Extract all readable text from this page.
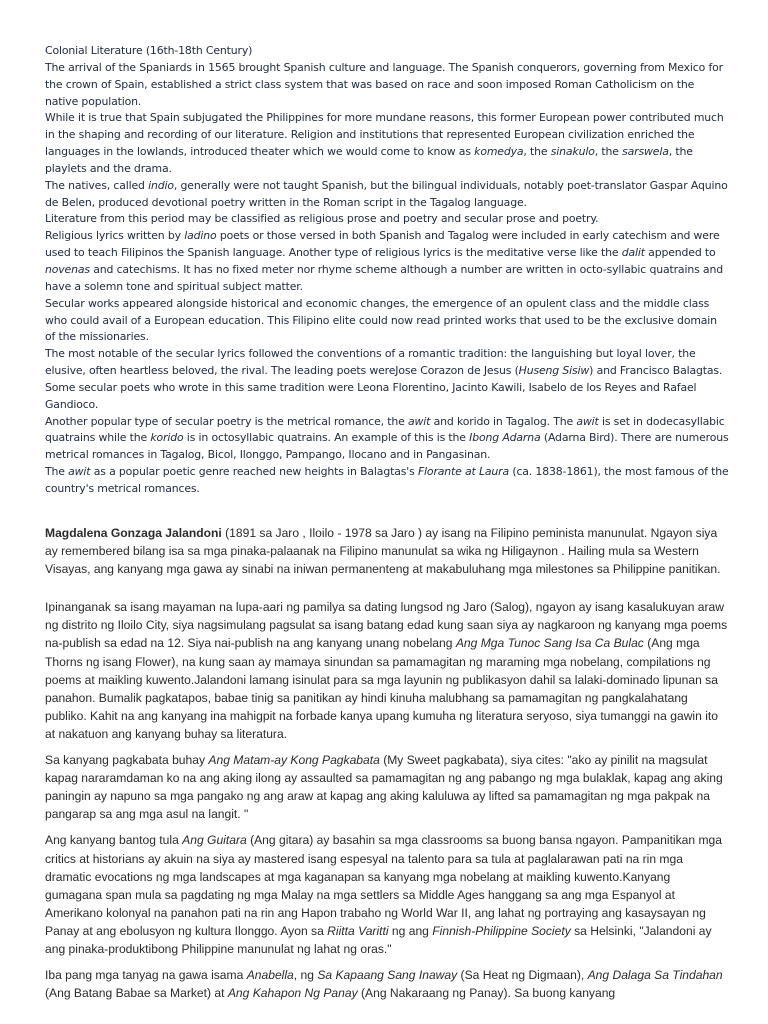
Colonial Literature (16th-18th Century)

The arrival of the Spaniards in 1565 brought Spanish culture and language. The Spanish conquerors, governing from Mexico for the crown of Spain, established a strict class system that was based on race and soon imposed Roman Catholicism on the native population.

While it is true that Spain subjugated the Philippines for more mundane reasons, this former European power contributed much in the shaping and recording of our literature. Religion and institutions that represented European civilization enriched the languages in the lowlands, introduced theater which we would come to know as komedya, the sinakulo, the sarswela, the playlets and the drama.

The natives, called indio, generally were not taught Spanish, but the bilingual individuals, notably poet-translator Gaspar Aquino de Belen, produced devotional poetry written in the Roman script in the Tagalog language.

Literature from this period may be classified as religious prose and poetry and secular prose and poetry.

Religious lyrics written by ladino poets or those versed in both Spanish and Tagalog were included in early catechism and were used to teach Filipinos the Spanish language. Another type of religious lyrics is the meditative verse like the dalit appended to novenas and catechisms. It has no fixed meter nor rhyme scheme although a number are written in octo-syllabic quatrains and have a solemn tone and spiritual subject matter.

Secular works appeared alongside historical and economic changes, the emergence of an opulent class and the middle class who could avail of a European education. This Filipino elite could now read printed works that used to be the exclusive domain of the missionaries.

The most notable of the secular lyrics followed the conventions of a romantic tradition: the languishing but loyal lover, the elusive, often heartless beloved, the rival. The leading poets wereJose Corazon de Jesus (Huseng Sisiw) and Francisco Balagtas. Some secular poets who wrote in this same tradition were Leona Florentino, Jacinto Kawili, Isabelo de los Reyes and Rafael Gandioco.

Another popular type of secular poetry is the metrical romance, the awit and korido in Tagalog. The awit is set in dodecasyllabic quatrains while the korido is in octosyllabic quatrains. An example of this is the Ibong Adarna (Adarna Bird). There are numerous metrical romances in Tagalog, Bicol, Ilonggo, Pampango, Ilocano and in Pangasinan.

The awit as a popular poetic genre reached new heights in Balagtas's Florante at Laura (ca. 1838-1861), the most famous of the country's metrical romances.

Magdalena Gonzaga Jalandoni (1891 sa Jaro , Iloilo - 1978 sa Jaro ) ay isang na Filipino peminista manunulat. Ngayon siya ay remembered bilang isa sa mga pinaka-palaanak na Filipino manunulat sa wika ng Hiligaynon . Hailing mula sa Western Visayas, ang kanyang mga gawa ay sinabi na iniwan permanenteng at makabuluhang mga milestones sa Philippine panitikan.

Ipinanganak sa isang mayaman na lupa-aari ng pamilya sa dating lungsod ng Jaro (Salog), ngayon ay isang kasalukuyan araw ng distrito ng Iloilo City, siya nagsimulang pagsulat sa isang batang edad kung saan siya ay nagkaroon ng kanyang mga poems na-publish sa edad na 12. Siya nai-publish na ang kanyang unang nobelang Ang Mga Tunoc Sang Isa Ca Bulac (Ang mga Thorns ng isang Flower), na kung saan ay mamaya sinundan sa pamamagitan ng maraming mga nobelang, compilations ng poems at maikling kuwento.Jalandoni lamang isinulat para sa mga layunin ng publikasyon dahil sa lalaki-dominado lipunan sa panahon. Bumalik pagkatapos, babae tinig sa panitikan ay hindi kinuha malubhang sa pamamagitan ng pangkalahatang publiko. Kahit na ang kanyang ina mahigpit na forbade kanya upang kumuha ng literatura seryoso, siya tumanggi na gawin ito at nakatuon ang kanyang buhay sa literatura.

Sa kanyang pagkabata buhay Ang Matam-ay Kong Pagkabata (My Sweet pagkabata), siya cites: "ako ay pinilit na magsulat kapag nararamdaman ko na ang aking ilong ay assaulted sa pamamagitan ng ang pabango ng mga bulaklak, kapag ang aking paningin ay napuno sa mga pangako ng ang araw at kapag ang aking kaluluwa ay lifted sa pamamagitan ng mga pakpak na pangarap sa ang mga asul na langit. "

Ang kanyang bantog tula Ang Guitara (Ang gitara) ay basahin sa mga classrooms sa buong bansa ngayon. Pampanitikan mga critics at historians ay akuin na siya ay mastered isang espesyal na talento para sa tula at paglalarawan pati na rin mga dramatic evocations ng mga landscapes at mga kaganapan sa kanyang mga nobelang at maikling kuwento.Kanyang gumagana span mula sa pagdating ng mga Malay na mga settlers sa Middle Ages hanggang sa ang mga Espanyol at Amerikano kolonyal na panahon pati na rin ang Hapon trabaho ng World War II, ang lahat ng portraying ang kasaysayan ng Panay at ang ebolusyon ng kultura Ilonggo. Ayon sa Riitta Varitti ng ang Finnish-Philippine Society sa Helsinki, "Jalandoni ay ang pinaka-produktibong Philippine manunulat ng lahat ng oras."

Iba pang mga tanyag na gawa isama Anabella, ng Sa Kapaang Sang Inaway (Sa Heat ng Digmaan), Ang Dalaga Sa Tindahan (Ang Batang Babae sa Market) at Ang Kahapon Ng Panay (Ang Nakaraang ng Panay). Sa buong kanyang
